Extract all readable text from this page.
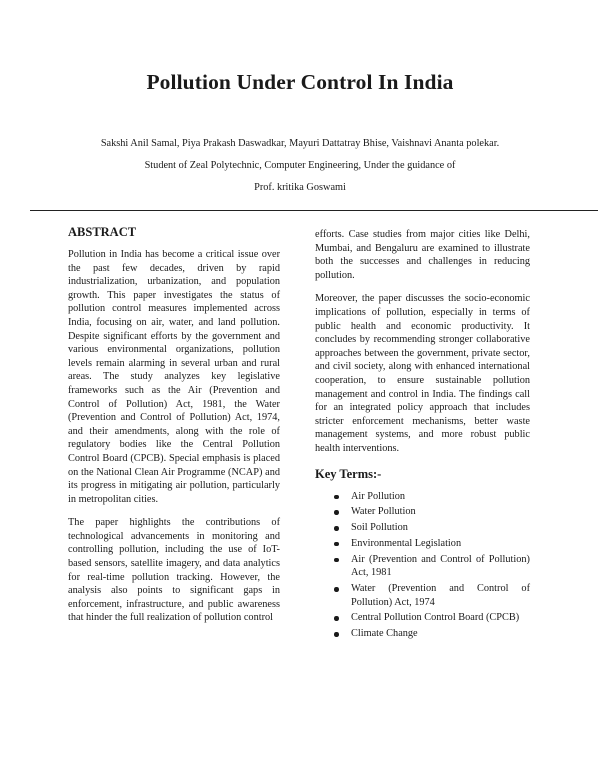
Pollution Under Control In India

Sakshi Anil Samal, Piya Prakash Daswadkar, Mayuri Dattatray Bhise, Vaishnavi Ananta polekar.

Student of Zeal Polytechnic, Computer Engineering, Under the guidance of

Prof. kritika Goswami

ABSTRACT

Pollution in India has become a critical issue over the past few decades, driven by rapid industrialization, urbanization, and population growth. This paper investigates the status of pollution control measures implemented across India, focusing on air, water, and land pollution. Despite significant efforts by the government and various environmental organizations, pollution levels remain alarming in several urban and rural areas. The study analyzes key legislative frameworks such as the Air (Prevention and Control of Pollution) Act, 1981, the Water (Prevention and Control of Pollution) Act, 1974, and their amendments, along with the role of regulatory bodies like the Central Pollution Control Board (CPCB). Special emphasis is placed on the National Clean Air Programme (NCAP) and its progress in mitigating air pollution, particularly in metropolitan cities.

The paper highlights the contributions of technological advancements in monitoring and controlling pollution, including the use of IoT-based sensors, satellite imagery, and data analytics for real-time pollution tracking. However, the analysis also points to significant gaps in enforcement, infrastructure, and public awareness that hinder the full realization of pollution control

efforts. Case studies from major cities like Delhi, Mumbai, and Bengaluru are examined to illustrate both the successes and challenges in reducing pollution.

Moreover, the paper discusses the socio-economic implications of pollution, especially in terms of public health and economic productivity. It concludes by recommending stronger collaborative approaches between the government, private sector, and civil society, along with enhanced international cooperation, to ensure sustainable pollution management and control in India. The findings call for an integrated policy approach that includes stricter enforcement mechanisms, better waste management systems, and more robust public health interventions.

Key Terms:-
Air Pollution
Water Pollution
Soil Pollution
Environmental Legislation
Air (Prevention and Control of Pollution) Act, 1981
Water (Prevention and Control of Pollution) Act, 1974
Central Pollution Control Board (CPCB)
Climate Change
